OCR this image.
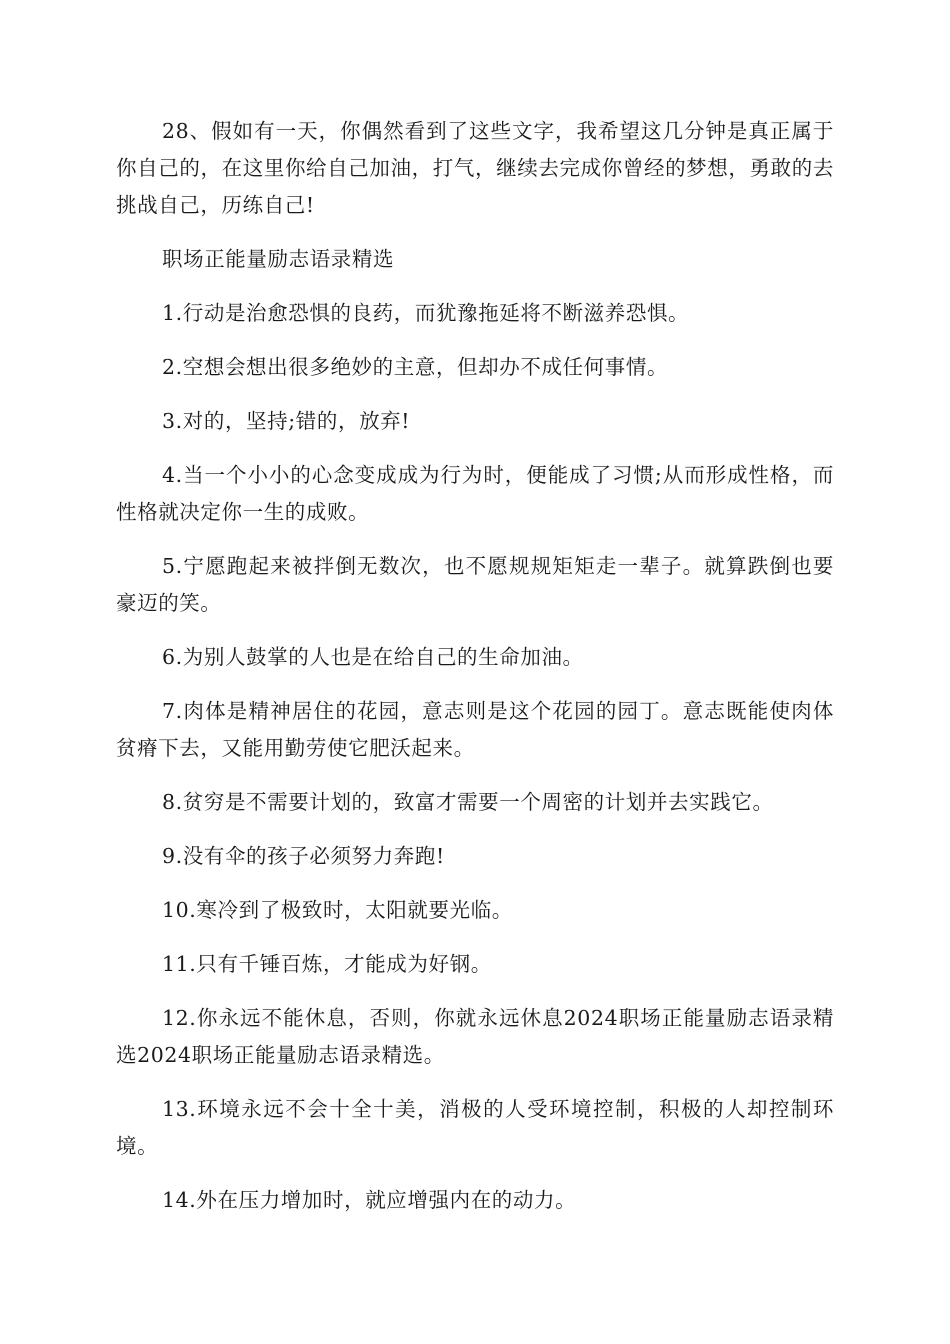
28、假如有一天，你偶然看到了这些文字，我希望这几分钟是真正属于你自己的，在这里你给自己加油，打气，继续去完成你曾经的梦想，勇敢的去挑战自己，历练自己!

职场正能量励志语录精选

1.行动是治愈恐惧的良药，而犹豫拖延将不断滋养恐惧。

2.空想会想出很多绝妙的主意，但却办不成任何事情。

3.对的，坚持;错的，放弃!

4.当一个小小的心念变成成为行为时，便能成了习惯;从而形成性格，而性格就决定你一生的成败。

5.宁愿跑起来被拌倒无数次，也不愿规规矩矩走一辈子。就算跌倒也要豪迈的笑。

6.为别人鼓掌的人也是在给自己的生命加油。

7.肉体是精神居住的花园，意志则是这个花园的园丁。意志既能使肉体贫瘠下去，又能用勤劳使它肥沃起来。

8.贫穷是不需要计划的，致富才需要一个周密的计划并去实践它。

9.没有伞的孩子必须努力奔跑!

10.寒冷到了极致时，太阳就要光临。

11.只有千锤百炼，才能成为好钢。

12.你永远不能休息，否则，你就永远休息2024职场正能量励志语录精选2024职场正能量励志语录精选。

13.环境永远不会十全十美，消极的人受环境控制，积极的人却控制环境。

14.外在压力增加时，就应增强内在的动力。
